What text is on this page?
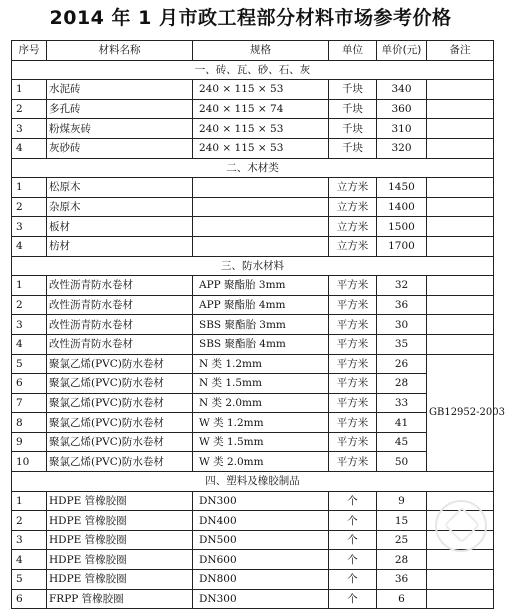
2014 年 1 月市政工程部分材料市场参考价格
序号	材料名称	规格	单位	单价(元)	备注
一、砖、瓦、砂、石、灰					
1	水泥砖	240 × 115 × 53	千块	340	
2	多孔砖	240 × 115 × 74	千块	360	
3	粉煤灰砖	240 × 115 × 53	千块	310	
4	灰砂砖	240 × 115 × 53	千块	320	
二、木材类					
1	松原木		立方米	1450	
2	杂原木		立方米	1400	
3	板材		立方米	1500	
4	枋材		立方米	1700	
三、防水材料					
1	改性沥青防水卷材	APP 聚酯胎 3mm	平方米	32	
2	改性沥青防水卷材	APP 聚酯胎 4mm	平方米	36	
3	改性沥青防水卷材	SBS 聚酯胎 3mm	平方米	30	
4	改性沥青防水卷材	SBS 聚酯胎 4mm	平方米	35	
5	聚氯乙烯(PVC)防水卷材	N 类 1.2mm	平方米	26	GB12952-2003
6	聚氯乙烯(PVC)防水卷材	N 类 1.5mm	平方米	28	
7	聚氯乙烯(PVC)防水卷材	N 类 2.0mm	平方米	33	
8	聚氯乙烯(PVC)防水卷材	W 类 1.2mm	平方米	41	
9	聚氯乙烯(PVC)防水卷材	W 类 1.5mm	平方米	45	
10	聚氯乙烯(PVC)防水卷材	W 类 2.0mm	平方米	50	
四、塑料及橡胶制品					
1	HDPE 管橡胶圈	DN300	个	9	
2	HDPE 管橡胶圈	DN400	个	15	
3	HDPE 管橡胶圈	DN500	个	25	
4	HDPE 管橡胶圈	DN600	个	28	
5	HDPE 管橡胶圈	DN800	个	36	
6	FRPP 管橡胶圈	DN300	个	6	
